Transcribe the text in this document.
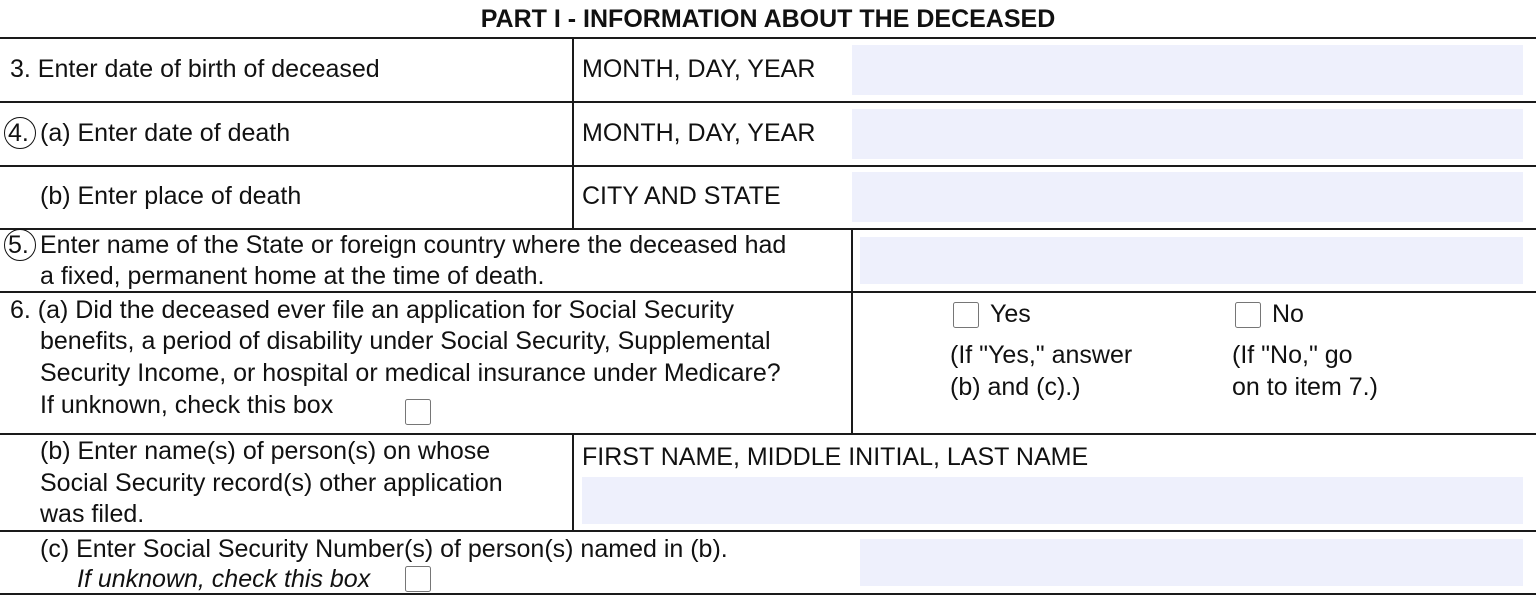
PART I - INFORMATION ABOUT THE DECEASED
3. Enter date of birth of deceased	MONTH, DAY, YEAR
4. (a) Enter date of death	MONTH, DAY, YEAR
(b) Enter place of death	CITY AND STATE
5. Enter name of the State or foreign country where the deceased had
a fixed, permanent home at the time of death.
6. (a) Did the deceased ever file an application for Social Security
benefits, a period of disability under Social Security, Supplemental
Security Income, or hospital or medical insurance under Medicare?
If unknown, check this box
Yes
(If "Yes," answer
(b) and (c).)
No
(If "No," go
on to item 7.)
(b) Enter name(s) of person(s) on whose
Social Security record(s) other application
was filed.
FIRST NAME, MIDDLE INITIAL, LAST NAME
(c) Enter Social Security Number(s) of person(s) named in (b).
If unknown, check this box
